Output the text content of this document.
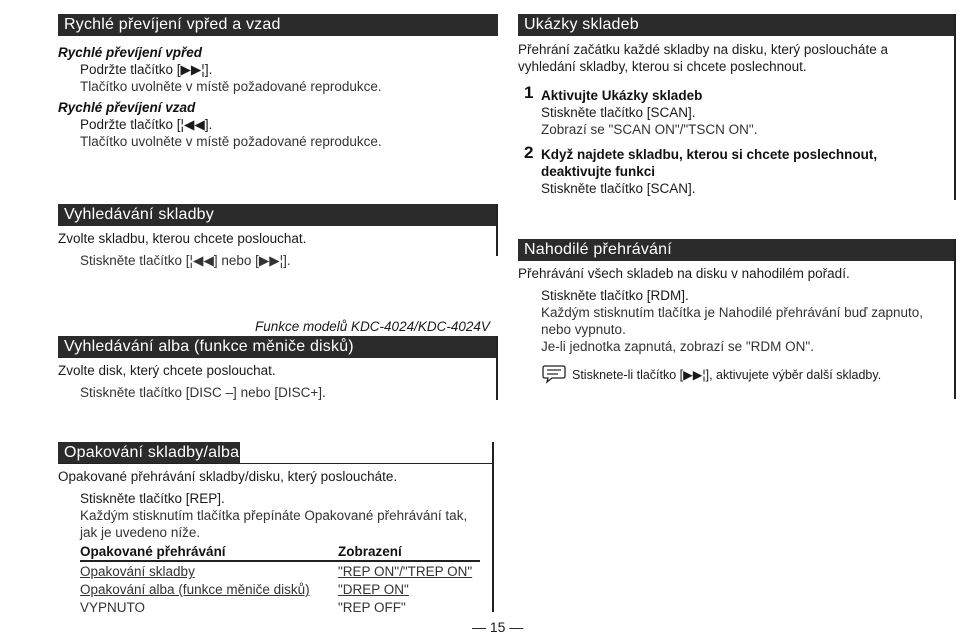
Rychlé převíjení vpřed a vzad
Rychlé převíjení vpřed
Podržte tlačítko [▶▶¦].
Tlačítko uvolněte v místě požadované reprodukce.
Rychlé převíjení vzad
Podržte tlačítko [¦◀◀].
Tlačítko uvolněte v místě požadované reprodukce.
Vyhledávání skladby
Zvolte skladbu, kterou chcete poslouchat.
Stiskněte tlačítko [¦◀◀] nebo [▶▶¦].
Funkce modelů KDC-4024/KDC-4024V
Vyhledávání alba (funkce měniče disků)
Zvolte disk, který chcete poslouchat.
Stiskněte tlačítko [DISC –] nebo [DISC+].
Ukázky skladeb
Přehrání začátku každé skladby na disku, který posloucháte a
vyhledání skladby, kterou si chcete poslechnout.
1 Aktivujte Ukázky skladeb
Stiskněte tlačítko [SCAN].
Zobrazí se "SCAN ON"/"TSCN ON".
2 Když najdete skladbu, kterou si chcete poslechnout,
deaktivujte funkci
Stiskněte tlačítko [SCAN].
Nahodilé přehrávání
Přehrávání všech skladeb na disku v nahodilém pořadí.
Stiskněte tlačítko [RDM].
Každým stisknutím tlačítka je Nahodilé přehrávání buď zapnuto,
nebo vypnuto.
Je-li jednotka zapnutá, zobrazí se "RDM ON".
Stisknete-li tlačítko [▶▶¦], aktivujete výběr další skladby.
Opakování skladby/alba
Opakované přehrávání skladby/disku, který posloucháte.
Stiskněte tlačítko [REP].
Každým stisknutím tlačítka přepínáte Opakované přehrávání tak,
jak je uvedeno níže.
Opakované přehrávání	Zobrazení
Opakování skladby	"REP ON"/"TREP ON"
Opakování alba (funkce měniče disků) "DREP ON"
VYPNUTO	"REP OFF"
— 15 —
